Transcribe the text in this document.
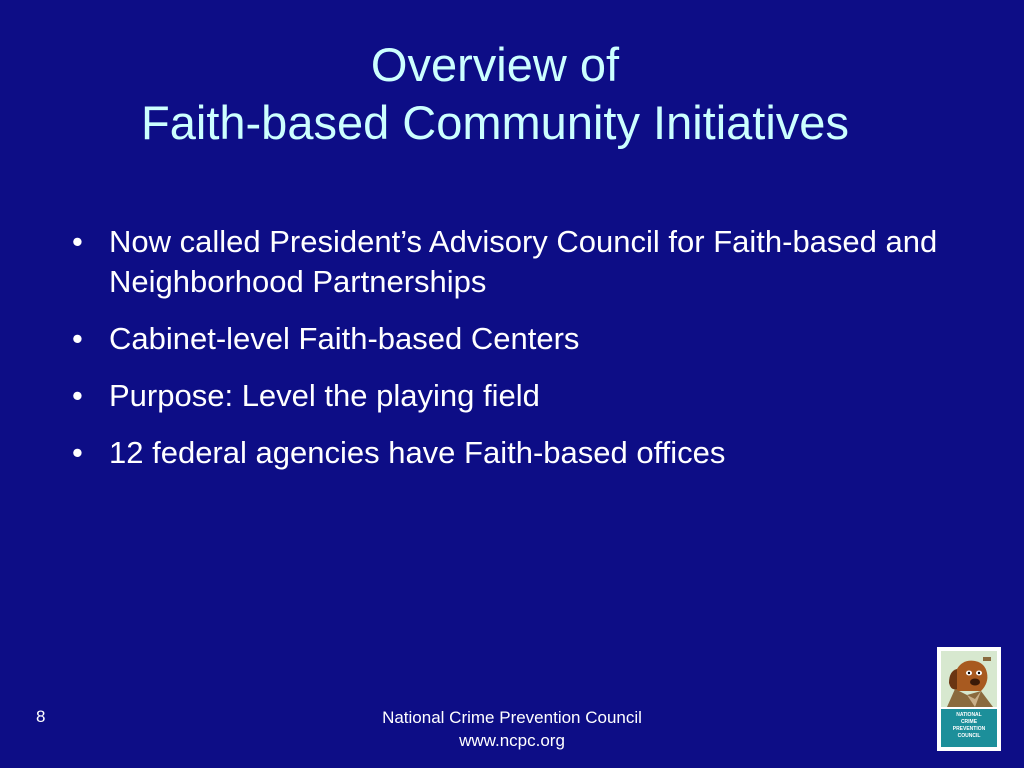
Overview of
Faith-based Community Initiatives
• Now called President’s Advisory Council for Faith-based and Neighborhood Partnerships
• Cabinet-level Faith-based Centers
• Purpose: Level the playing field
• 12 federal agencies have Faith-based offices
8	National Crime Prevention Council
www.ncpc.org
NATIONAL
CRIME
PREVENTION
COUNCIL
